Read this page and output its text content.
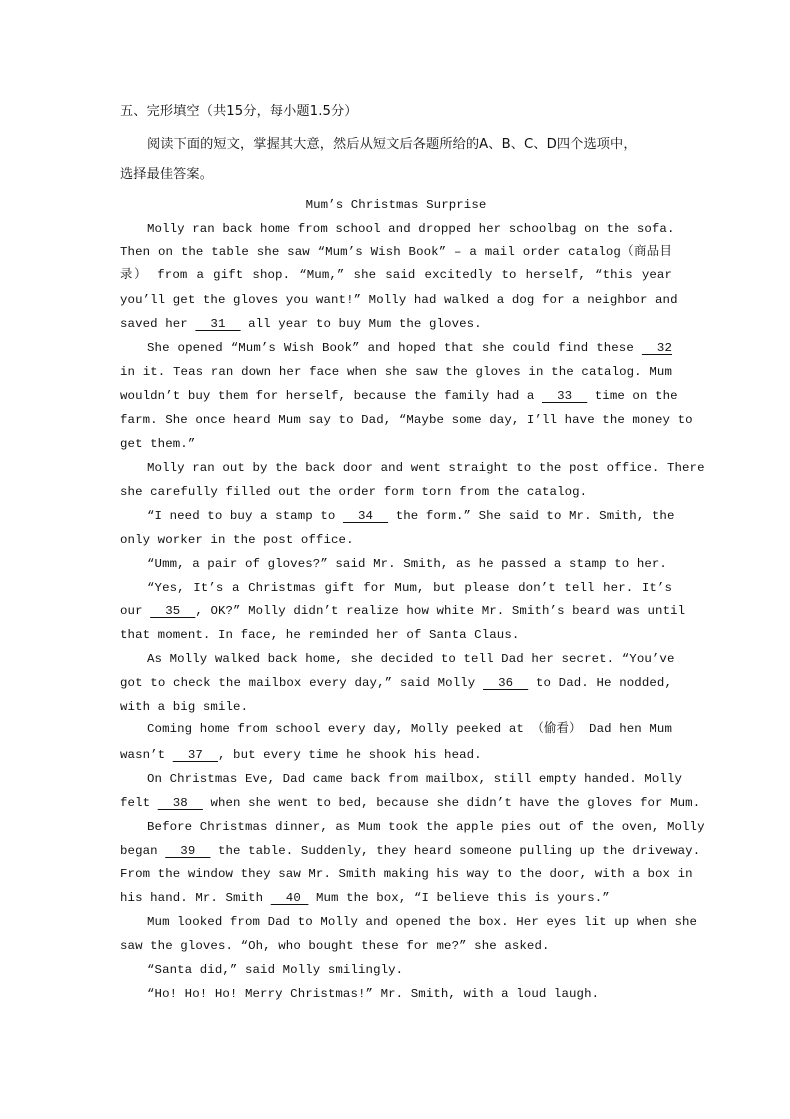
五、完形填空（共15分，每小题1.5分）
阅读下面的短文，掌握其大意，然后从短文后各题所给的A、B、C、D四个选项中，
选择最佳答案。
Mum’s Christmas Surprise
Molly ran back home from school and dropped her schoolbag on the sofa.
Then on the table she saw “Mum’s Wish Book” – a mail order catalog（商品目
录） from a gift shop. “Mum,” she said excitedly to herself, “this year
you’ll get the gloves you want!” Molly had walked a dog for a neighbor and
saved her   31   all year to buy Mum the gloves.
She opened “Mum’s Wish Book” and hoped that she could find these   32
in it. Teas ran down her face when she saw the gloves in the catalog. Mum
wouldn’t buy them for herself, because the family had a   33   time on the
farm. She once heard Mum say to Dad, “Maybe some day, I’ll have the money to
get them.”
Molly ran out by the back door and went straight to the post office. There
she carefully filled out the order form torn from the catalog.
“I need to buy a stamp to   34   the form.” She said to Mr. Smith, the
only worker in the post office.
“Umm, a pair of gloves?” said Mr. Smith, as he passed a stamp to her.
“Yes, It’s a Christmas gift for Mum, but please don’t tell her. It’s
our   35  , OK?” Molly didn’t realize how white Mr. Smith’s beard was until
that moment. In face, he reminded her of Santa Claus.
As Molly walked back home, she decided to tell Dad her secret. “You’ve
got to check the mailbox every day,” said Molly   36   to Dad. He nodded,
with a big smile.
Coming home from school every day, Molly peeked at （偷看） Dad hen Mum
wasn’t   37  , but every time he shook his head.
On Christmas Eve, Dad came back from mailbox, still empty handed. Molly
felt   38   when she went to bed, because she didn’t have the gloves for Mum.
Before Christmas dinner, as Mum took the apple pies out of the oven, Molly
began   39   the table. Suddenly, they heard someone pulling up the driveway.
From the window they saw Mr. Smith making his way to the door, with a box in
his hand. Mr. Smith   40  Mum the box, “I believe this is yours.”
Mum looked from Dad to Molly and opened the box. Her eyes lit up when she
saw the gloves. “Oh, who bought these for me?” she asked.
“Santa did,” said Molly smilingly.
“Ho! Ho! Ho! Merry Christmas!” Mr. Smith, with a loud laugh.
